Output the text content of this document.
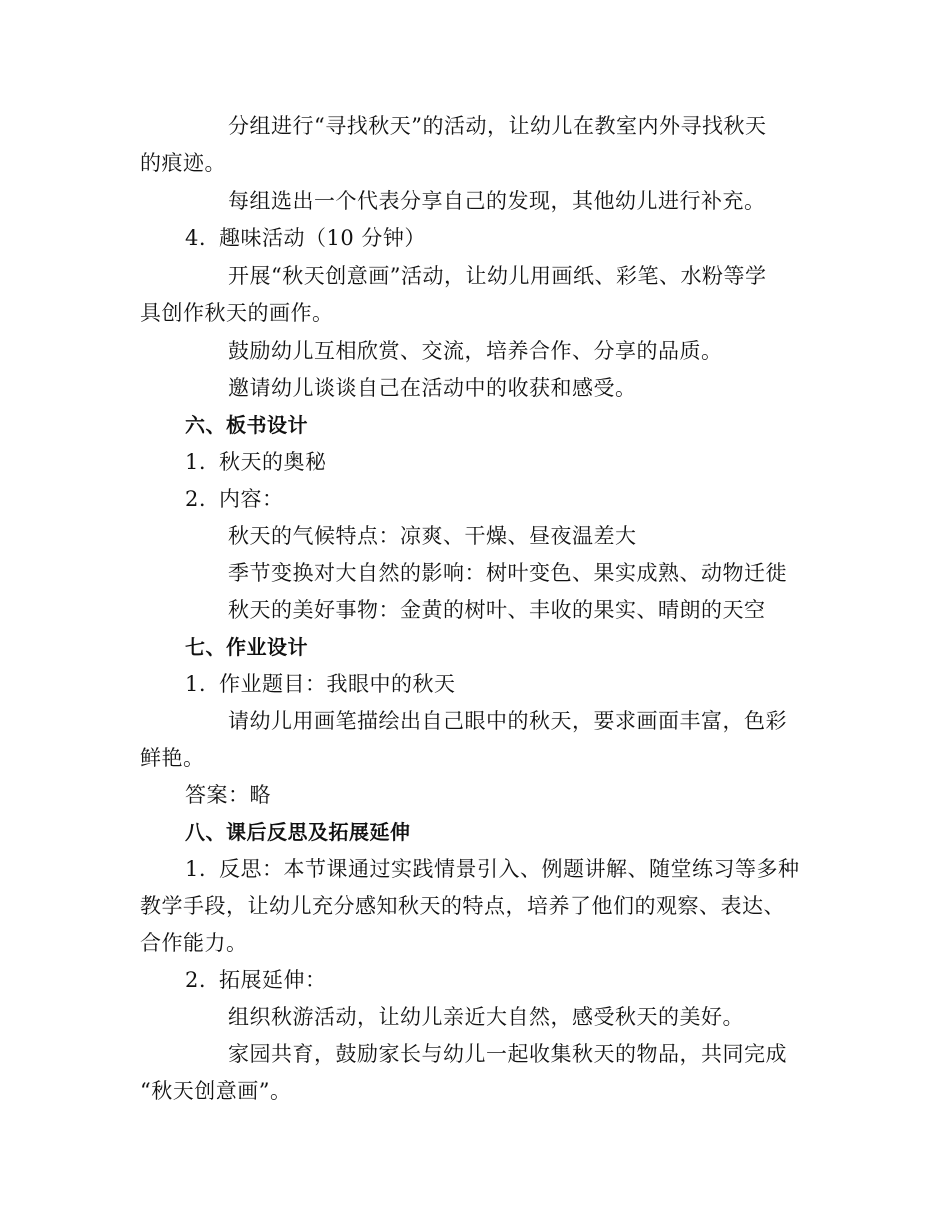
分组进行“寻找秋天”的活动，让幼儿在教室内外寻找秋天
的痕迹。
每组选出一个代表分享自己的发现，其他幼儿进行补充。
4. 趣味活动（10 分钟）
开展“秋天创意画”活动，让幼儿用画纸、彩笔、水粉等学
具创作秋天的画作。
鼓励幼儿互相欣赏、交流，培养合作、分享的品质。
邀请幼儿谈谈自己在活动中的收获和感受。
六、板书设计
1. 秋天的奥秘
2. 内容：
秋天的气候特点：凉爽、干燥、昼夜温差大
季节变换对大自然的影响：树叶变色、果实成熟、动物迁徙
秋天的美好事物：金黄的树叶、丰收的果实、晴朗的天空
七、作业设计
1. 作业题目：我眼中的秋天
请幼儿用画笔描绘出自己眼中的秋天，要求画面丰富，色彩
鲜艳。
答案：略
八、课后反思及拓展延伸
1. 反思：本节课通过实践情景引入、例题讲解、随堂练习等多种
教学手段，让幼儿充分感知秋天的特点，培养了他们的观察、表达、
合作能力。
2. 拓展延伸：
组织秋游活动，让幼儿亲近大自然，感受秋天的美好。
家园共育，鼓励家长与幼儿一起收集秋天的物品，共同完成
“秋天创意画”。
